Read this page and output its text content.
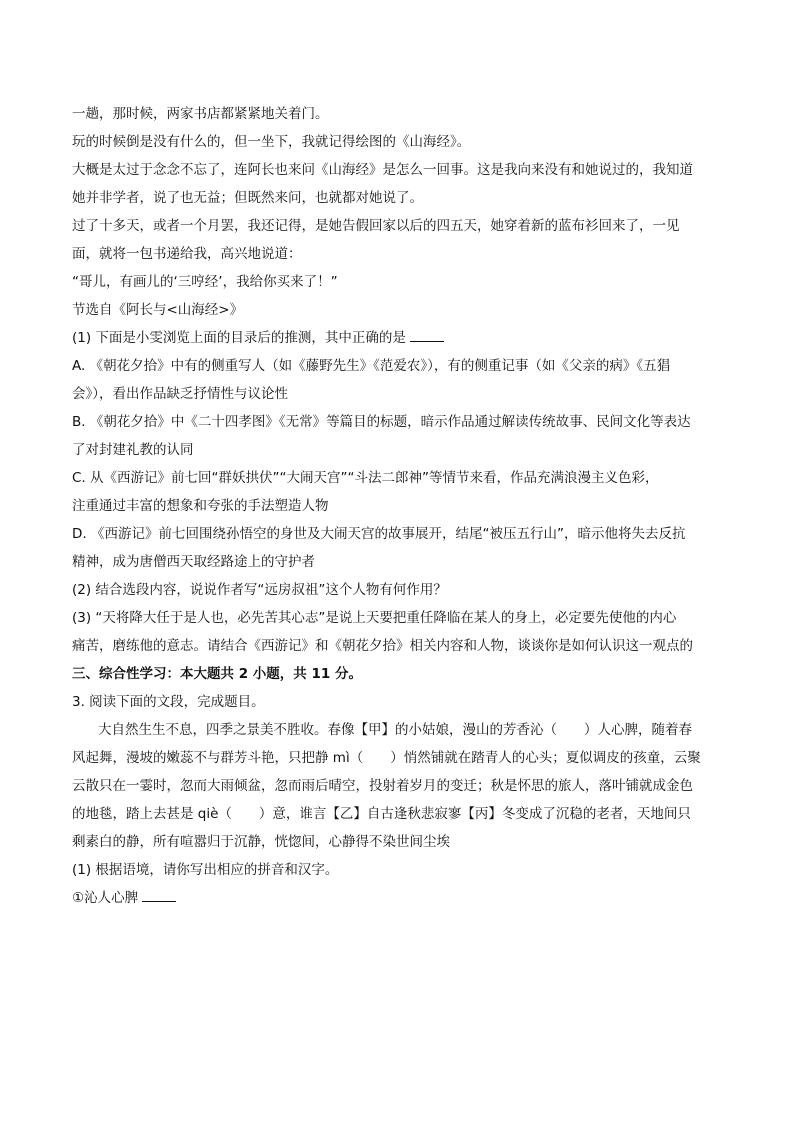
一趟，那时候，两家书店都紧紧地关着门。
玩的时候倒是没有什么的，但一坐下，我就记得绘图的《山海经》。
大概是太过于念念不忘了，连阿长也来问《山海经》是怎么一回事。这是我向来没有和她说过的，我知道
她并非学者，说了也无益；但既然来问，也就都对她说了。
过了十多天，或者一个月罢，我还记得，是她告假回家以后的四五天，她穿着新的蓝布衫回来了，一见
面，就将一包书递给我，高兴地说道：
“哥儿，有画儿的‘三哼经’，我给你买来了！”
节选自《阿长与<山海经>》
(1) 下面是小雯浏览上面的目录后的推测，其中正确的是
A. 《朝花夕拾》中有的侧重写人（如《藤野先生》《范爱农》），有的侧重记事（如《父亲的病》《五猖
会》），看出作品缺乏抒情性与议论性
B. 《朝花夕拾》中《二十四孝图》《无常》等篇目的标题，暗示作品通过解读传统故事、民间文化等表达
了对封建礼教的认同
C. 从《西游记》前七回“群妖拱伏”“大闹天宫”“斗法二郎神”等情节来看，作品充满浪漫主义色彩，
注重通过丰富的想象和夸张的手法塑造人物
D. 《西游记》前七回围绕孙悟空的身世及大闹天宫的故事展开，结尾“被压五行山”，暗示他将失去反抗
精神，成为唐僧西天取经路途上的守护者
(2) 结合选段内容，说说作者写“远房叔祖”这个人物有何作用？
(3) “天将降大任于是人也，必先苦其心志”是说上天要把重任降临在某人的身上，必定要先使他的内心
痛苦，磨练他的意志。请结合《西游记》和《朝花夕拾》相关内容和人物，谈谈你是如何认识这一观点的
三、综合性学习：本大题共 2 小题，共 11 分。
3. 阅读下面的文段，完成题目。
大自然生生不息，四季之景美不胜收。春像【甲】的小姑娘，漫山的芳香沁（　　）人心脾，随着春
风起舞，漫坡的嫩蕊不与群芳斗艳，只把静 mì（　　）悄然铺就在踏青人的心头；夏似调皮的孩童，云聚
云散只在一霎时，忽而大雨倾盆，忽而雨后晴空，投射着岁月的变迁；秋是怀思的旅人，落叶铺就成金色
的地毯，踏上去甚是 qiè（　　）意，谁言【乙】自古逢秋悲寂寥【丙】冬变成了沉稳的老者，天地间只
剩素白的静，所有喧嚣归于沉静，恍惚间，心静得不染世间尘埃
(1) 根据语境，请你写出相应的拼音和汉字。
①沁人心脾
